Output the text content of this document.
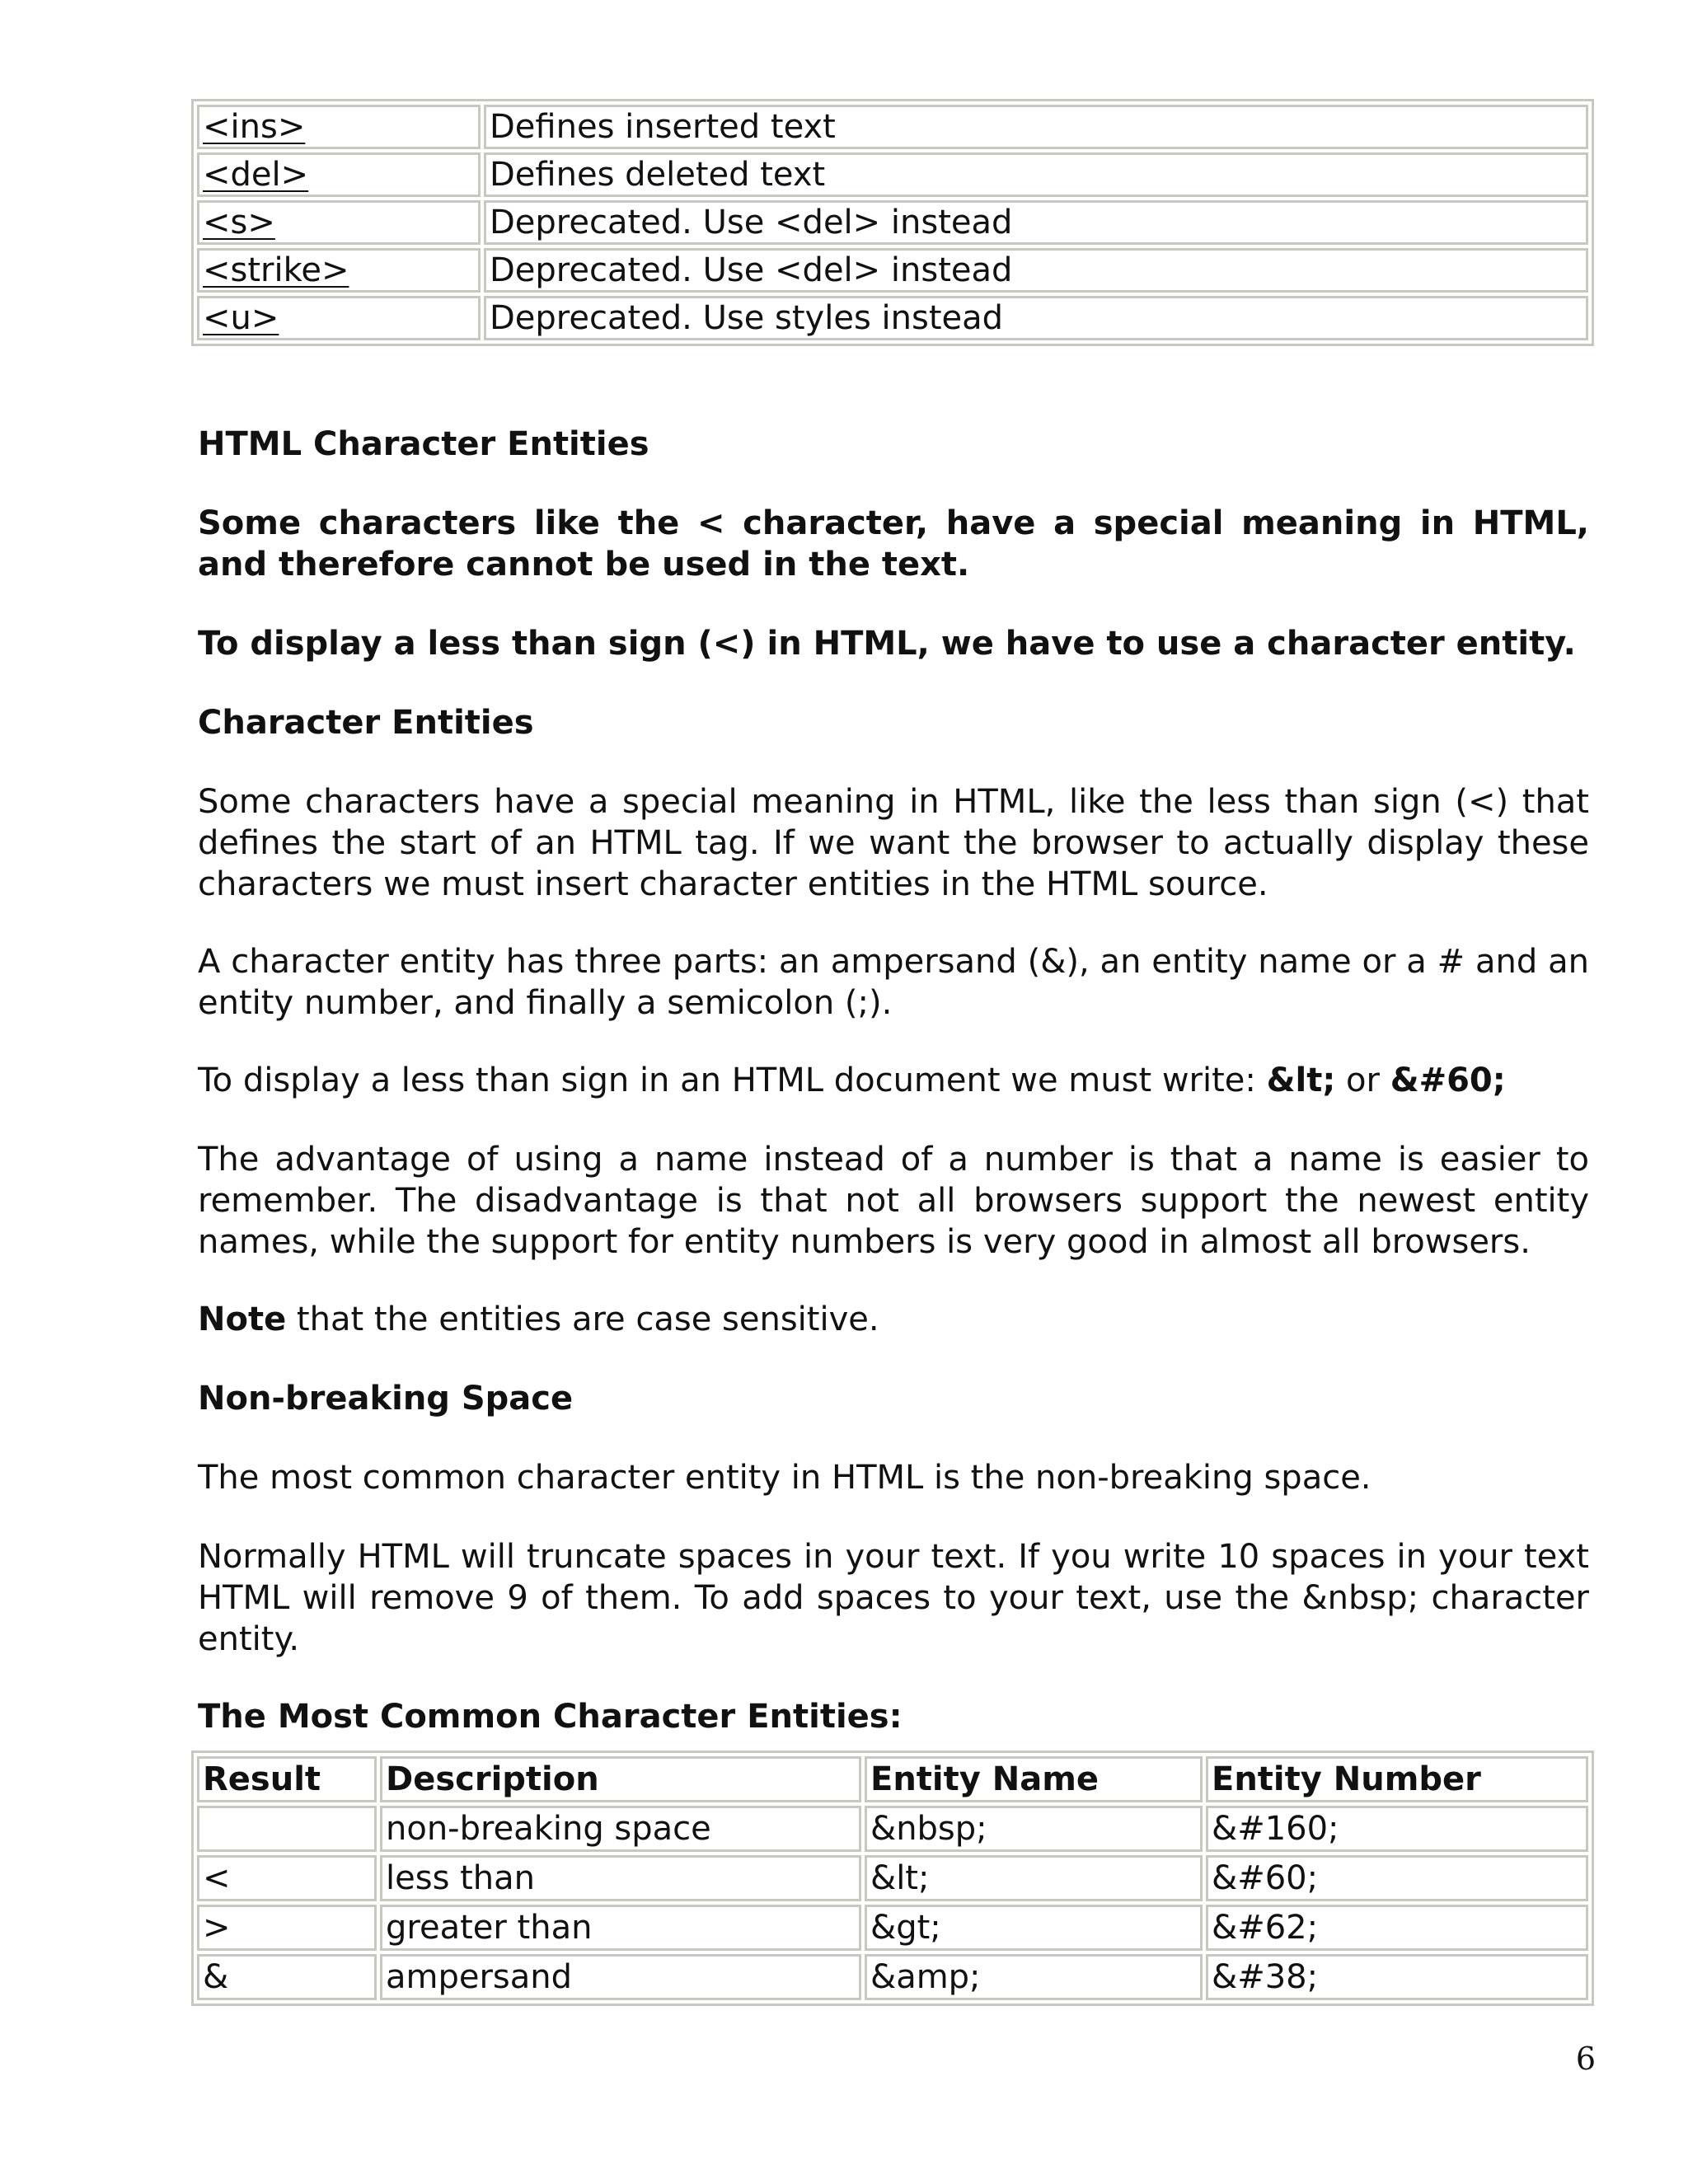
<ins>	Defines inserted text
<del>	Defines deleted text
<s>	Deprecated. Use <del> instead
<strike>	Deprecated. Use <del> instead
<u>	Deprecated. Use styles instead

HTML Character Entities

Some characters like the < character, have a special meaning in HTML, and therefore cannot be used in the text.

To display a less than sign (<) in HTML, we have to use a character entity.

Character Entities

Some characters have a special meaning in HTML, like the less than sign (<) that defines the start of an HTML tag. If we want the browser to actually display these characters we must insert character entities in the HTML source.

A character entity has three parts: an ampersand (&), an entity name or a # and an entity number, and finally a semicolon (;).

To display a less than sign in an HTML document we must write: &lt; or &#60;

The advantage of using a name instead of a number is that a name is easier to remember. The disadvantage is that not all browsers support the newest entity names, while the support for entity numbers is very good in almost all browsers.

Note that the entities are case sensitive.

Non-breaking Space

The most common character entity in HTML is the non-breaking space.

Normally HTML will truncate spaces in your text. If you write 10 spaces in your text HTML will remove 9 of them. To add spaces to your text, use the &nbsp; character entity.

The Most Common Character Entities:

Result	Description	Entity Name	Entity Number
	non-breaking space	&nbsp;	&#160;
<	less than	&lt;	&#60;
>	greater than	&gt;	&#62;
&	ampersand	&amp;	&#38;
6
